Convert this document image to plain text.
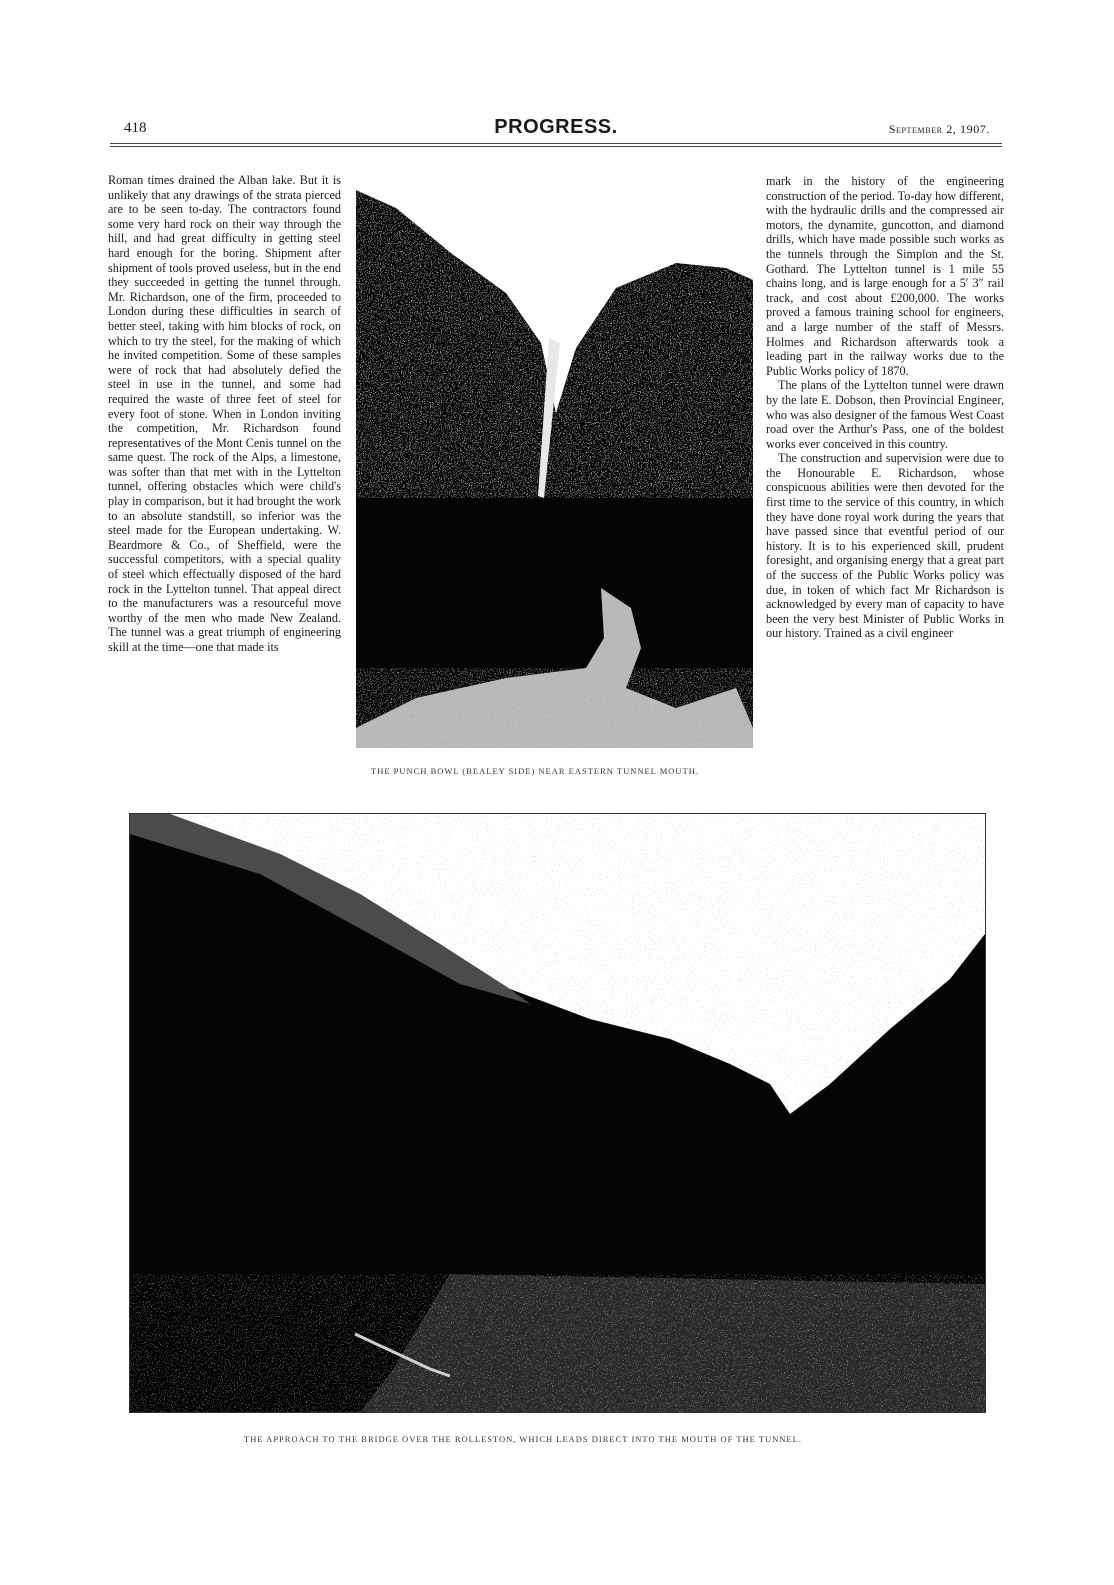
418	PROGRESS.	September 2, 1907.

Roman times drained the Alban lake. But it is unlikely that any drawings of the strata pierced are to be seen to-day. The contractors found some very hard rock on their way through the hill, and had great difficulty in getting steel hard enough for the boring. Shipment after shipment of tools proved useless, but in the end they succeeded in getting the tunnel through. Mr. Richardson, one of the firm, proceeded to London during these difficulties in search of better steel, taking with him blocks of rock, on which to try the steel, for the making of which he invited competition. Some of these samples were of rock that had absolutely defied the steel in use in the tunnel, and some had required the waste of three feet of steel for every foot of stone. When in London inviting the competition, Mr. Richardson found representatives of the Mont Cenis tunnel on the same quest. The rock of the Alps, a limestone, was softer than that met with in the Lyttelton tunnel, offering obstacles which were child's play in comparison, but it had brought the work to an absolute standstill, so inferior was the steel made for the European undertaking. W. Beardmore & Co., of Sheffield, were the successful competitors, with a special quality of steel which effectually disposed of the hard rock in the Lyttelton tunnel. That appeal direct to the manufacturers was a resourceful move worthy of the men who made New Zealand. The tunnel was a great triumph of engineering skill at the time—one that made its

THE PUNCH BOWL (BEALEY SIDE) NEAR EASTERN TUNNEL MOUTH.

mark in the history of the engineering construction of the period. To-day how different, with the hydraulic drills and the compressed air motors, the dynamite, guncotton, and diamond drills, which have made possible such works as the tunnels through the Simplon and the St. Gothard. The Lyttelton tunnel is 1 mile 55 chains long, and is large enough for a 5′ 3″ rail track, and cost about £200,000. The works proved a famous training school for engineers, and a large number of the staff of Messrs. Holmes and Richardson afterwards took a leading part in the railway works due to the Public Works policy of 1870.

The plans of the Lyttelton tunnel were drawn by the late E. Dobson, then Provincial Engineer, who was also designer of the famous West Coast road over the Arthur's Pass, one of the boldest works ever conceived in this country.

The construction and supervision were due to the Honourable E. Richardson, whose conspicuous abilities were then devoted for the first time to the service of this country, in which they have done royal work during the years that have passed since that eventful period of our history. It is to his experienced skill, prudent foresight, and organising energy that a great part of the success of the Public Works policy was due, in token of which fact Mr Richardson is acknowledged by every man of capacity to have been the very best Minister of Public Works in our history. Trained as a civil engineer

THE APPROACH TO THE BRIDGE OVER THE ROLLESTON, WHICH LEADS DIRECT INTO THE MOUTH OF THE TUNNEL.
